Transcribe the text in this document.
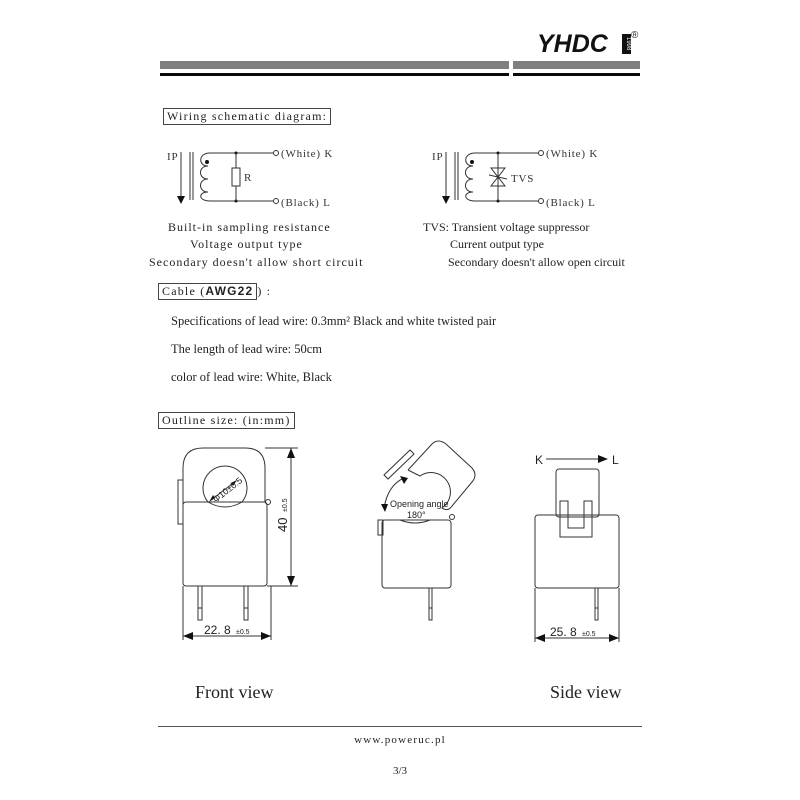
YHDC	1998
®
Wiring schematic diagram:
IP
R
(White) K
(Black) L
IP
TVS
(White) K
(Black) L
Built-in sampling resistance
Voltage output type
Secondary doesn't allow short circuit
TVS: Transient voltage suppressor
Current output type
Secondary doesn't allow open circuit
Cable (AWG22 ) :
Specifications of lead wire: 0.3mm² Black and white twisted pair
The length of lead wire: 50cm
color of lead wire: White, Black
Outline size: (in:mm)
Φ10±0.5
40
±0.5
22. 8 ±0.5
Opening angle
180°
K	L
25. 8 ±0.5
Front view	Side view
www.poweruc.pl
3/3
